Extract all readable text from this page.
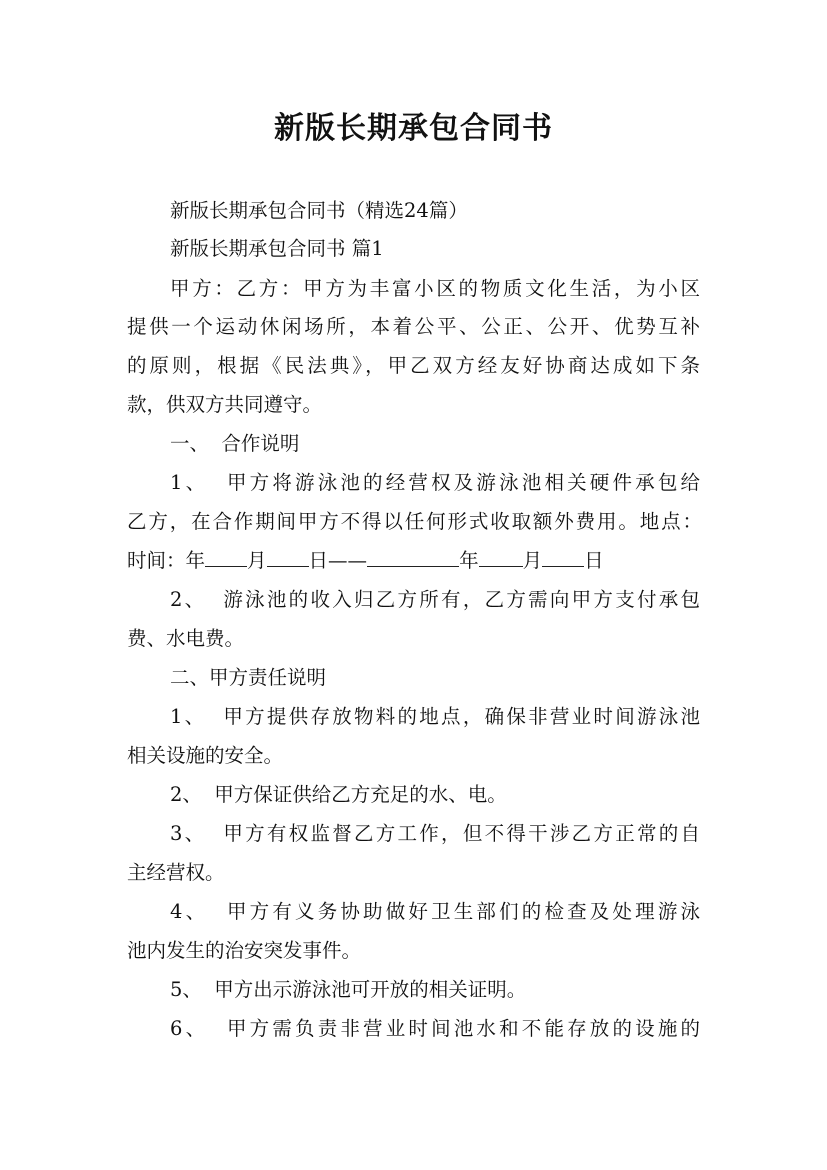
新版长期承包合同书
新版长期承包合同书（精选24篇）
新版长期承包合同书 篇1
甲方：乙方：甲方为丰富小区的物质文化生活，为小区
提供一个运动休闲场所，本着公平、公正、公开、优势互补
的原则，根据《民法典》，甲乙双方经友好协商达成如下条
款，供双方共同遵守。
一、  合作说明
1、  甲方将游泳池的经营权及游泳池相关硬件承包给
乙方，在合作期间甲方不得以任何形式收取额外费用。地点：
时间：年 月 日——	年 月 日
2、  游泳池的收入归乙方所有，乙方需向甲方支付承包
费、水电费。
二、甲方责任说明
1、  甲方提供存放物料的地点，确保非营业时间游泳池
相关设施的安全。
2、  甲方保证供给乙方充足的水、电。
3、  甲方有权监督乙方工作，但不得干涉乙方正常的自
主经营权。
4、  甲方有义务协助做好卫生部们的检查及处理游泳
池内发生的治安突发事件。
5、  甲方出示游泳池可开放的相关证明。
6、  甲方需负责非营业时间池水和不能存放的设施的
